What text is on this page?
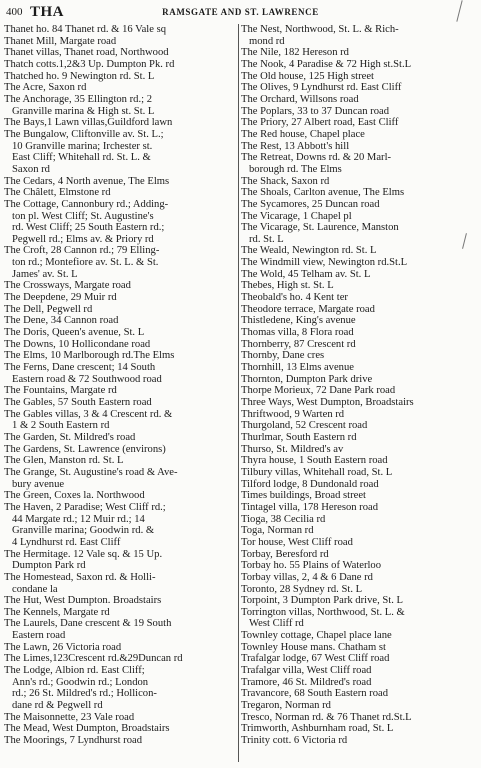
400 THA	RAMSGATE AND ST. LAWRENCE
Thanet ho. 84 Thanet rd. & 16 Vale sq
Thanet Mill, Margate road
Thanet villas, Thanet road, Northwood
Thatch cotts.1,2&3 Up. Dumpton Pk. rd
Thatched ho. 9 Newington rd. St. L
The Acre, Saxon rd
The Anchorage, 35 Ellington rd.; 2
Granville marina & High st. St. L
The Bays,1 Lawn villas,Guildford lawn
The Bungalow, Cliftonville av. St. L.;
10 Granville marina; Irchester st.
East Cliff; Whitehall rd. St. L. &
Saxon rd
The Cedars, 4 North avenue, The Elms
The Châlett, Elmstone rd
The Cottage, Cannonbury rd.; Adding-
ton pl. West Cliff; St. Augustine's
rd. West Cliff; 25 South Eastern rd.;
Pegwell rd.; Elms av. & Priory rd
The Croft, 28 Cannon rd.; 79 Elling-
ton rd.; Montefiore av. St. L. & St.
James' av. St. L
The Crossways, Margate road
The Deepdene, 29 Muir rd
The Dell, Pegwell rd
The Dene, 34 Cannon road
The Doris, Queen's avenue, St. L
The Downs, 10 Hollicondane road
The Elms, 10 Marlborough rd.The Elms
The Ferns, Dane crescent; 14 South
Eastern road & 72 Southwood road
The Fountains, Margate rd
The Gables, 57 South Eastern road
The Gables villas, 3 & 4 Crescent rd. &
1 & 2 South Eastern rd
The Garden, St. Mildred's road
The Gardens, St. Lawrence (environs)
The Glen, Manston rd. St. L
The Grange, St. Augustine's road & Ave-
bury avenue
The Green, Coxes la. Northwood
The Haven, 2 Paradise; West Cliff rd.;
44 Margate rd.; 12 Muir rd.; 14
Granville marina; Goodwin rd. &
4 Lyndhurst rd. East Cliff
The Hermitage. 12 Vale sq. & 15 Up.
Dumpton Park rd
The Homestead, Saxon rd. & Holli-
condane la
The Hut, West Dumpton. Broadstairs
The Kennels, Margate rd
The Laurels, Dane crescent & 19 South
Eastern road
The Lawn, 26 Victoria road
The Limes,123Crescent rd.&29Duncan rd
The Lodge, Albion rd. East Cliff;
Ann's rd.; Goodwin rd.; London
rd.; 26 St. Mildred's rd.; Hollicon-
dane rd & Pegwell rd
The Maisonnette, 23 Vale road
The Mead, West Dumpton, Broadstairs
The Moorings, 7 Lyndhurst road
The Nest, Northwood, St. L. & Rich-
mond rd
The Nile, 182 Hereson rd
The Nook, 4 Paradise & 72 High st.St.L
The Old house, 125 High street
The Olives, 9 Lyndhurst rd. East Cliff
The Orchard, Willsons road
The Poplars, 33 to 37 Duncan road
The Priory, 27 Albert road, East Cliff
The Red house, Chapel place
The Rest, 13 Abbott's hill
The Retreat, Downs rd. & 20 Marl-
borough rd. The Elms
The Shack, Saxon rd
The Shoals, Carlton avenue, The Elms
The Sycamores, 25 Duncan road
The Vicarage, 1 Chapel pl
The Vicarage, St. Laurence, Manston
rd. St. L
The Weald, Newington rd. St. L
The Windmill view, Newington rd.St.L
The Wold, 45 Telham av. St. L
Thebes, High st. St. L
Theobald's ho. 4 Kent ter
Theodore terrace, Margate road
Thistledene, King's avenue
Thomas villa, 8 Flora road
Thornberry, 87 Crescent rd
Thornby, Dane cres
Thornhill, 13 Elms avenue
Thornton, Dumpton Park drive
Thorpe Morieux, 72 Dane Park road
Three Ways, West Dumpton, Broadstairs
Thriftwood, 9 Warten rd
Thurgoland, 52 Crescent road
Thurlmar, South Eastern rd
Thurso, St. Mildred's av
Thyra house, 1 South Eastern road
Tilbury villas, Whitehall road, St. L
Tilford lodge, 8 Dundonald road
Times buildings, Broad street
Tintagel villa, 178 Hereson road
Tioga, 38 Cecilia rd
Toga, Norman rd
Tor house, West Cliff road
Torbay, Beresford rd
Torbay ho. 55 Plains of Waterloo
Torbay villas, 2, 4 & 6 Dane rd
Toronto, 28 Sydney rd. St. L
Torpoint, 3 Dumpton Park drive, St. L
Torrington villas, Northwood, St. L. &
West Cliff rd
Townley cottage, Chapel place lane
Townley House mans. Chatham st
Trafalgar lodge, 67 West Cliff road
Trafalgar villa, West Cliff road
Tramore, 46 St. Mildred's road
Travancore, 68 South Eastern road
Tregaron, Norman rd
Tresco, Norman rd. & 76 Thanet rd.St.L
Trimworth, Ashburnham road, St. L
Trinity cott. 6 Victoria rd
